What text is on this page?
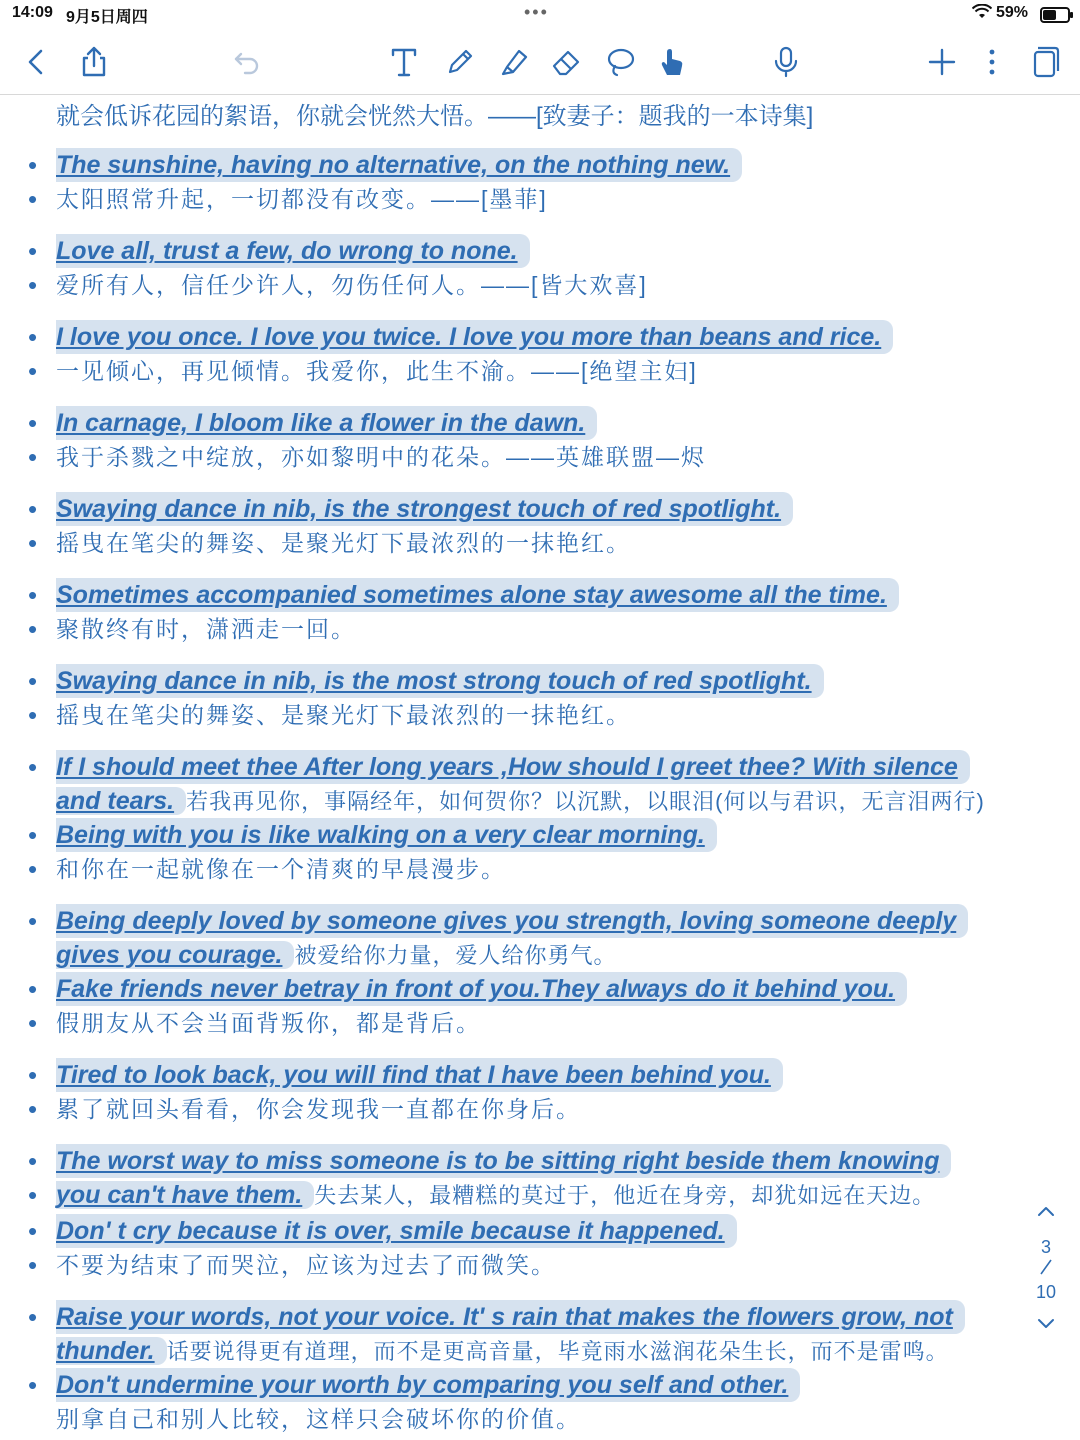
14:09 9月5日周四	•••	59%
就会低诉花园的絮语，你就会恍然大悟。——[致妻子：题我的一本诗集]
• The sunshine, having no alternative, on the nothing new.
• 太阳照常升起，一切都没有改变。——[墨菲]
• Love all, trust a few, do wrong to none.
• 爱所有人，信任少许人，勿伤任何人。——[皆大欢喜]
• I love you once. I love you twice. I love you more than beans and rice.
• 一见倾心，再见倾情。我爱你，此生不渝。——[绝望主妇]
• In carnage, I bloom like a flower in the dawn.
• 我于杀戮之中绽放，亦如黎明中的花朵。——英雄联盟—烬
• Swaying dance in nib, is the strongest touch of red spotlight.
• 摇曳在笔尖的舞姿、是聚光灯下最浓烈的一抹艳红。
• Sometimes accompanied sometimes alone stay awesome all the time.
• 聚散终有时，潇洒走一回。
• Swaying dance in nib, is the most strong touch of red spotlight.
• 摇曳在笔尖的舞姿、是聚光灯下最浓烈的一抹艳红。
• If I should meet thee After long years ,How should I greet thee? With silence
and tears. 若我再见你，事隔经年，如何贺你？以沉默，以眼泪(何以与君识，无言泪两行)
• Being with you is like walking on a very clear morning.
• 和你在一起就像在一个清爽的早晨漫步。
• Being deeply loved by someone gives you strength, loving someone deeply
gives you courage. 被爱给你力量，爱人给你勇气。
• Fake friends never betray in front of you.They always do it behind you.
• 假朋友从不会当面背叛你，都是背后。
• Tired to look back, you will find that I have been behind you.
• 累了就回头看看，你会发现我一直都在你身后。
• The worst way to miss someone is to be sitting right beside them knowing
• you can't have them. 失去某人，最糟糕的莫过于，他近在身旁，却犹如远在天边。
• Don' t cry because it is over, smile because it happened.
• 不要为结束了而哭泣，应该为过去了而微笑。
• Raise your words, not your voice. It' s rain that makes the flowers grow, not
thunder. 话要说得更有道理，而不是更高音量，毕竟雨水滋润花朵生长，而不是雷鸣。
• Don't undermine your worth by comparing you self and other.
别拿自己和别人比较，这样只会破坏你的价值。
3
10
